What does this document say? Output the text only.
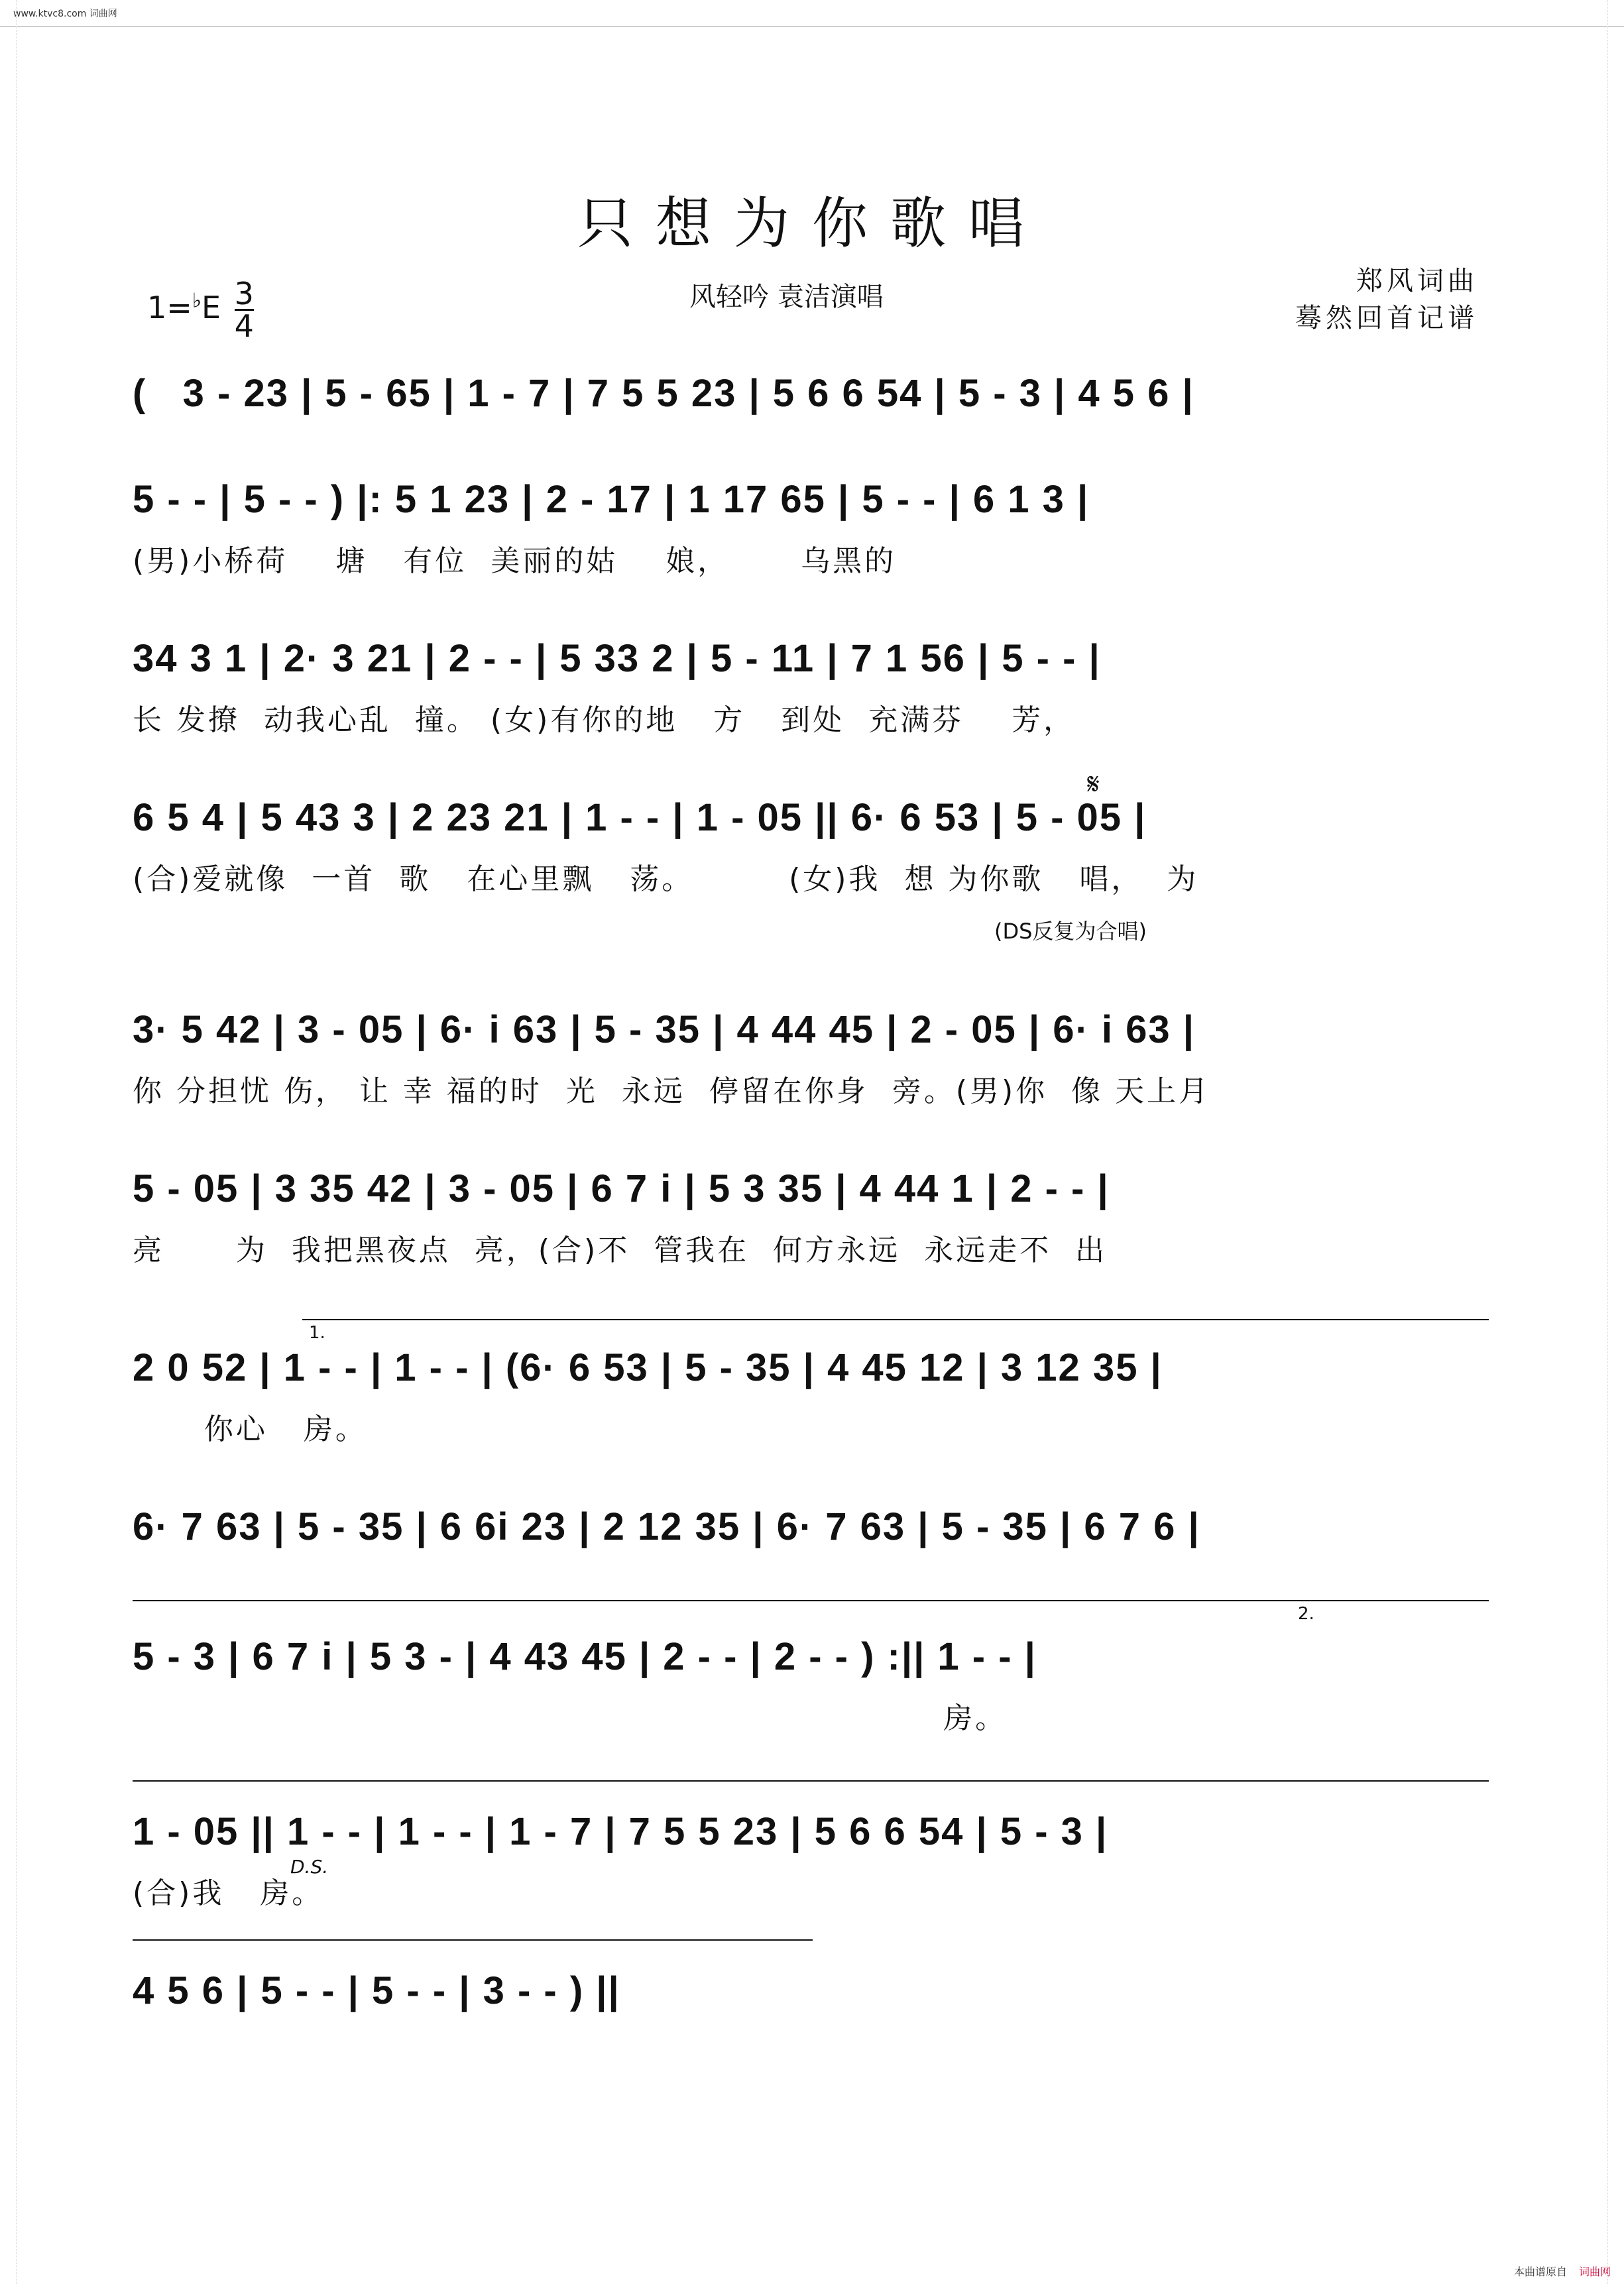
www.ktvc8.com 词曲网
只想为你歌唱
$1=^♭E \frac{3}{4}$	风轻吟 袁洁演唱
郑风词曲
蓦然回首记谱
(   3 - 23 | 5 - 65 | 1 - 7 | 7 5 5 23 | 5 6 6 54 | 5 - 3 | 4 5 6 |
5 - - | 5 - - ) |: 5 1 23 | 2 - 17 | 1 17 65 | 5 - - | 6 1 3 |
(男)小桥荷    塘   有位  美丽的姑    娘，      乌黑的
34 3 1 | 2· 3 21 | 2 - - | 5 33 2 | 5 - 11 | 7 1 56 | 5 - - |
长 发撩  动我心乱  撞。 (女)有你的地   方   到处  充满芬    芳，
6 5 4 | 5 43 3 | 2 23 21 | 1 - - | 1 - 05 || 6· 6 53 | 5 - 05 |
(合)爱就像  一首  歌   在心里飘   荡。        (女)我  想 为你歌   唱，  为
𝄋
(DS反复为合唱)
3· 5 42 | 3 - 05 | 6· i 63 | 5 - 35 | 4 44 45 | 2 - 05 | 6· i 63 |
你 分担忧 伤， 让 幸 福的时  光  永远  停留在你身  旁。(男)你  像 天上月
5 - 05 | 3 35 42 | 3 - 05 | 6 7 i | 5 3 35 | 4 44 1 | 2 - - |
亮      为  我把黑夜点  亮，(合)不  管我在  何方永远  永远走不  出
1.
2 0 52 | 1 - - | 1 - - | (6· 6 53 | 5 - 35 | 4 45 12 | 3 12 35 |
你心   房。
6· 7 63 | 5 - 35 | 6 6i 23 | 2 12 35 | 6· 7 63 | 5 - 35 | 6 7 6 |
2.
5 - 3 | 6 7 i | 5 3 - | 4 43 45 | 2 - - | 2 - - ) :|| 1 - - |
房。
1 - 05 || 1 - - | 1 - - | 1 - 7 | 7 5 5 23 | 5 6 6 54 | 5 - 3 |
(合)我   房。
D.S.
4 5 6 | 5 - - | 5 - - | 3 - - ) ||
本曲谱原自 词曲网
